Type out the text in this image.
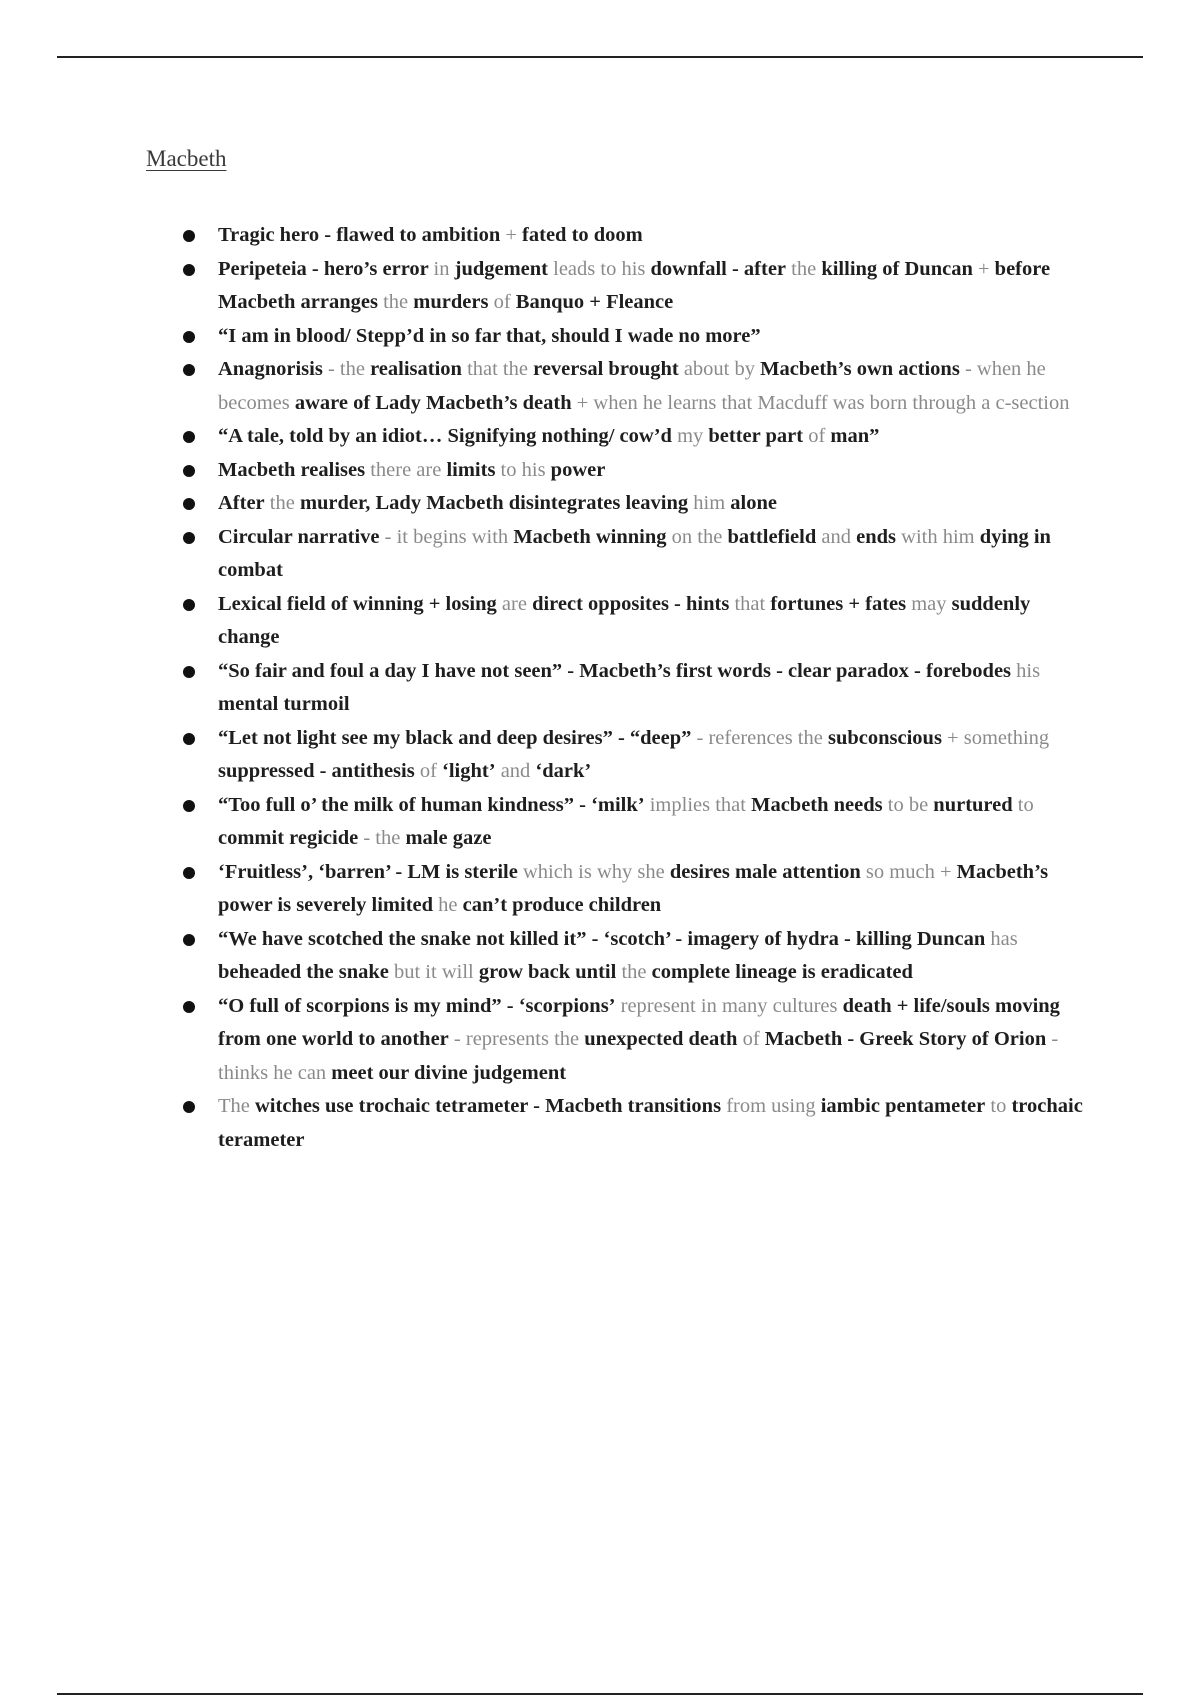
Macbeth
Tragic hero - flawed to ambition + fated to doom
Peripeteia - hero’s error in judgement leads to his downfall - after the killing of Duncan + before Macbeth arranges the murders of Banquo + Fleance
“I am in blood/ Stepp’d in so far that, should I wade no more”
Anagnorisis - the realisation that the reversal brought about by Macbeth’s own actions - when he becomes aware of Lady Macbeth’s death + when he learns that Macduff was born through a c-section
“A tale, told by an idiot… Signifying nothing/ cow’d my better part of man”
Macbeth realises there are limits to his power
After the murder, Lady Macbeth disintegrates leaving him alone
Circular narrative - it begins with Macbeth winning on the battlefield and ends with him dying in combat
Lexical field of winning + losing are direct opposites - hints that fortunes + fates may suddenly change
“So fair and foul a day I have not seen” - Macbeth’s first words - clear paradox - forebodes his mental turmoil
“Let not light see my black and deep desires” - “deep” - references the subconscious + something suppressed - antithesis of ‘light’ and ‘dark’
“Too full o’ the milk of human kindness” - ‘milk’ implies that Macbeth needs to be nurtured to commit regicide - the male gaze
‘Fruitless’, ‘barren’ - LM is sterile which is why she desires male attention so much + Macbeth’s power is severely limited he can’t produce children
“We have scotched the snake not killed it” - ‘scotch’ - imagery of hydra - killing Duncan has beheaded the snake but it will grow back until the complete lineage is eradicated
“O full of scorpions is my mind” - ‘scorpions’ represent in many cultures death + life/souls moving from one world to another - represents the unexpected death of Macbeth - Greek Story of Orion - thinks he can meet our divine judgement
The witches use trochaic tetrameter - Macbeth transitions from using iambic pentameter to trochaic terameter
